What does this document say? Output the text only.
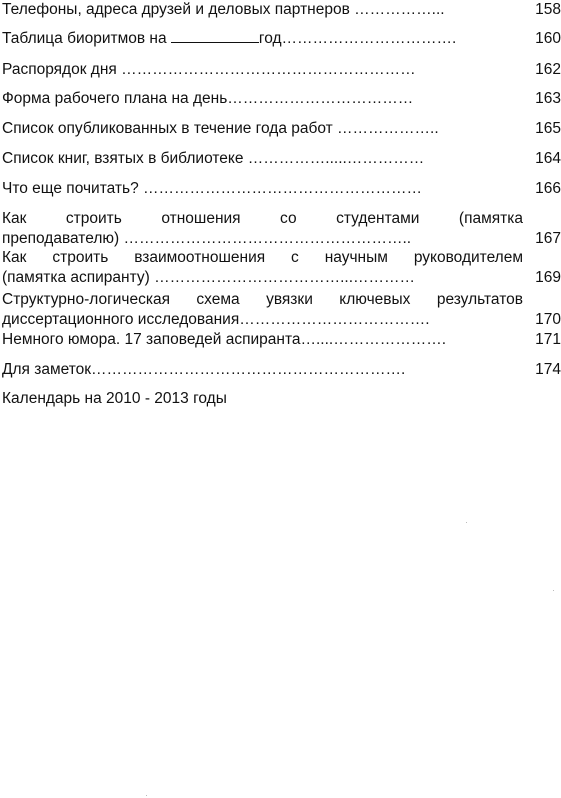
Телефоны, адреса друзей и деловых партнеров ……………...	158
Таблица биоритмов на	год…………………………….	160
Распорядок дня …………………………………………………	162
Форма рабочего плана на день………………………………	163
Список опубликованных в течение года работ ………………..	165
Список книг, взятых в библиотеке …………….....……………	164
Что еще почитать? ………………………………………………	166
Как строить отношения со студентами (памятка
преподавателю) ………………………………………………..	167
Как строить взаимоотношения с научным руководителем
(памятка аспиранту) ………………………………...…………	169
Структурно-логическая схема увязки ключевых результатов
диссертационного исследования……………………………….	170
Немного юмора. 17 заповедей аспиранта…....………………….	171
Для заметок…………………………………………………….	174
Календарь на 2010 - 2013 годы
